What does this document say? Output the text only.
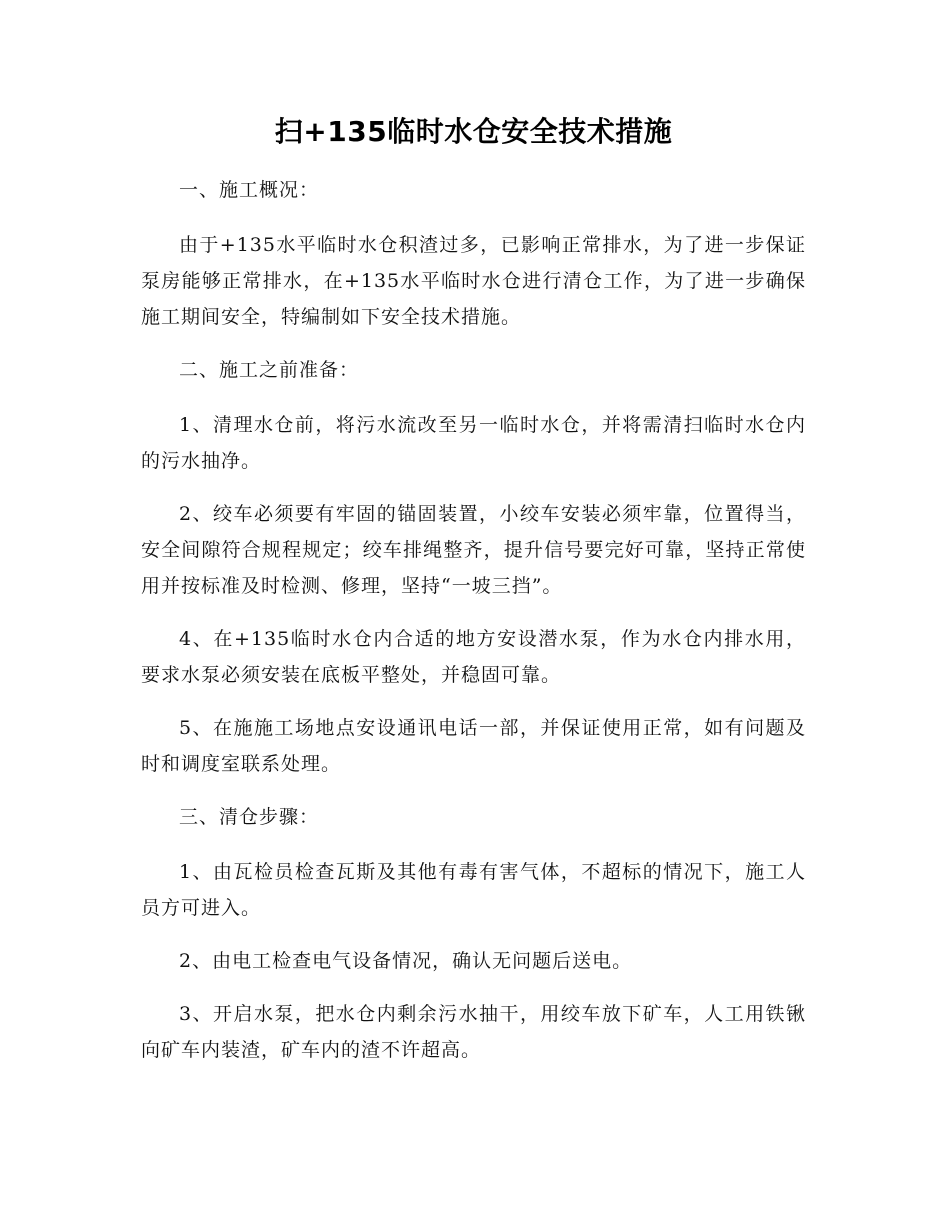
扫+135临时水仓安全技术措施

一、施工概况：

由于+135水平临时水仓积渣过多，已影响正常排水，为了进一步保证泵房能够正常排水，在+135水平临时水仓进行清仓工作，为了进一步确保施工期间安全，特编制如下安全技术措施。

二、施工之前准备：

1、清理水仓前，将污水流改至另一临时水仓，并将需清扫临时水仓内的污水抽净。

2、绞车必须要有牢固的锚固装置，小绞车安装必须牢靠，位置得当，安全间隙符合规程规定；绞车排绳整齐，提升信号要完好可靠，坚持正常使用并按标准及时检测、修理，坚持“一坡三挡”。

4、在+135临时水仓内合适的地方安设潜水泵，作为水仓内排水用，要求水泵必须安装在底板平整处，并稳固可靠。

5、在施施工场地点安设通讯电话一部，并保证使用正常，如有问题及时和调度室联系处理。

三、清仓步骤：

1、由瓦检员检查瓦斯及其他有毒有害气体，不超标的情况下，施工人员方可进入。

2、由电工检查电气设备情况，确认无问题后送电。

3、开启水泵，把水仓内剩余污水抽干，用绞车放下矿车，人工用铁锹向矿车内装渣，矿车内的渣不许超高。
